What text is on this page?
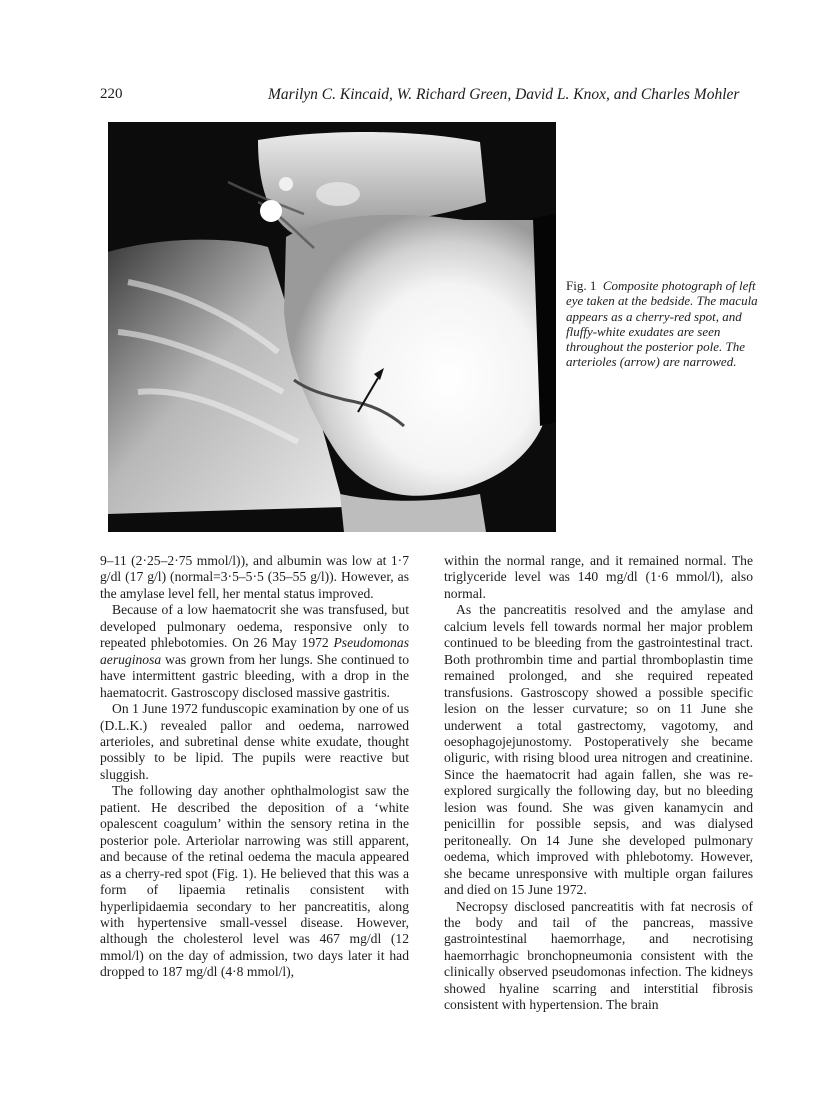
220	Marilyn C. Kincaid, W. Richard Green, David L. Knox, and Charles Mohler
Fig. 1 Composite photograph of left eye taken at the bedside. The macula appears as a cherry-red spot, and fluffy-white exudates are seen throughout the posterior pole. The arterioles (arrow) are narrowed.

9–11 (2·25–2·75 mmol/l)), and albumin was low at 1·7 g/dl (17 g/l) (normal=3·5–5·5 (35–55 g/l)). However, as the amylase level fell, her mental status improved.

Because of a low haematocrit she was transfused, but developed pulmonary oedema, responsive only to repeated phlebotomies. On 26 May 1972 Pseudomonas aeruginosa was grown from her lungs. She continued to have intermittent gastric bleeding, with a drop in the haematocrit. Gastroscopy disclosed massive gastritis.

On 1 June 1972 funduscopic examination by one of us (D.L.K.) revealed pallor and oedema, narrowed arterioles, and subretinal dense white exudate, thought possibly to be lipid. The pupils were reactive but sluggish.

The following day another ophthalmologist saw the patient. He described the deposition of a ‘white opalescent coagulum’ within the sensory retina in the posterior pole. Arteriolar narrowing was still apparent, and because of the retinal oedema the macula appeared as a cherry-red spot (Fig. 1). He believed that this was a form of lipaemia retinalis consistent with hyperlipidaemia secondary to her pancreatitis, along with hypertensive small-vessel disease. However, although the cholesterol level was 467 mg/dl (12 mmol/l) on the day of admission, two days later it had dropped to 187 mg/dl (4·8 mmol/l),

within the normal range, and it remained normal. The triglyceride level was 140 mg/dl (1·6 mmol/l), also normal.

As the pancreatitis resolved and the amylase and calcium levels fell towards normal her major problem continued to be bleeding from the gastrointestinal tract. Both prothrombin time and partial thromboplastin time remained prolonged, and she required repeated transfusions. Gastroscopy showed a possible specific lesion on the lesser curvature; so on 11 June she underwent a total gastrectomy, vagotomy, and oesophagojejunostomy. Postoperatively she became oliguric, with rising blood urea nitrogen and creatinine. Since the haematocrit had again fallen, she was re-explored surgically the following day, but no bleeding lesion was found. She was given kanamycin and penicillin for possible sepsis, and was dialysed peritoneally. On 14 June she developed pulmonary oedema, which improved with phlebotomy. However, she became unresponsive with multiple organ failures and died on 15 June 1972.

Necropsy disclosed pancreatitis with fat necrosis of the body and tail of the pancreas, massive gastrointestinal haemorrhage, and necrotising haemorrhagic bronchopneumonia consistent with the clinically observed pseudomonas infection. The kidneys showed hyaline scarring and interstitial fibrosis consistent with hypertension. The brain
